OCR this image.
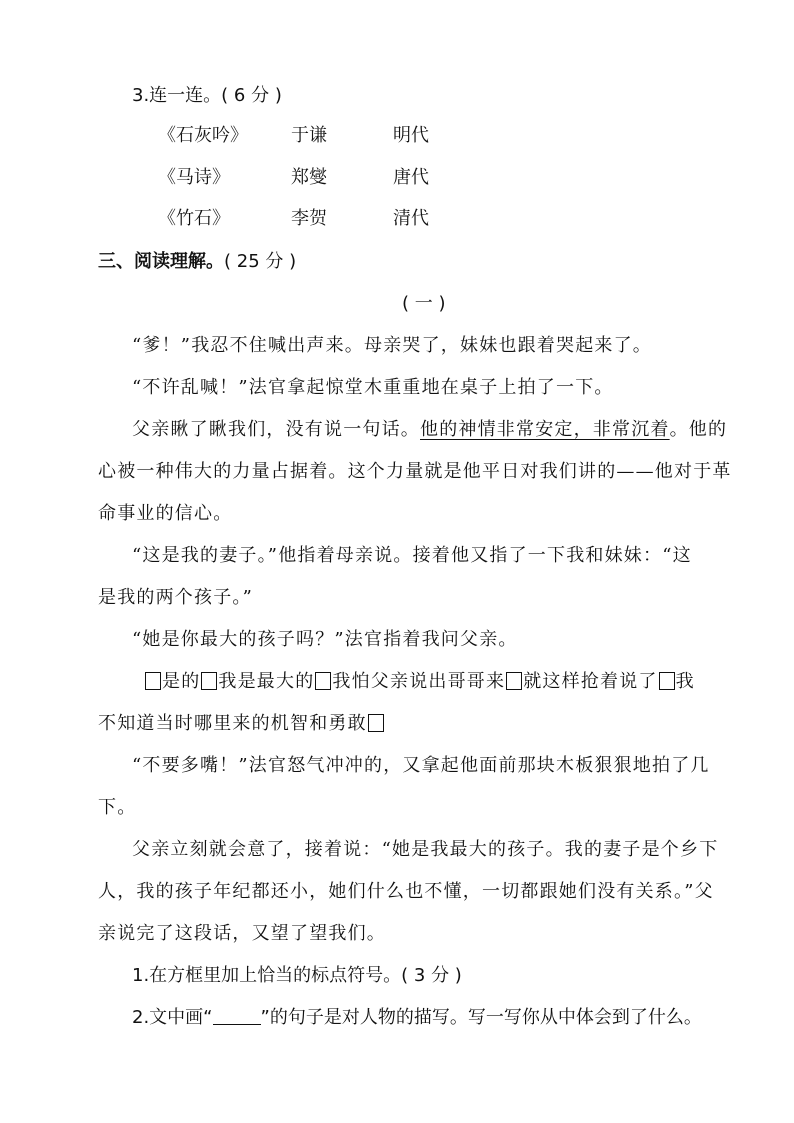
3.连一连。( 6 分 )
《石灰吟》 于谦	明代
《马诗》	郑燮	唐代
《竹石》	李贺	清代
三、阅读理解。( 25 分 )
( 一 )
“爹！”我忍不住喊出声来。母亲哭了，妹妹也跟着哭起来了。
“不许乱喊！”法官拿起惊堂木重重地在桌子上拍了一下。
父亲瞅了瞅我们，没有说一句话。他的神情非常安定，非常沉着。他的
心被一种伟大的力量占据着。这个力量就是他平日对我们讲的——他对于革
命事业的信心。
“这是我的妻子。”他指着母亲说。接着他又指了一下我和妹妹：“这
是我的两个孩子。”
“她是你最大的孩子吗？”法官指着我问父亲。
是的 我是最大的 我怕父亲说出哥哥来 就这样抢着说了 我
不知道当时哪里来的机智和勇敢
“不要多嘴！”法官怒气冲冲的，又拿起他面前那块木板狠狠地拍了几
下。
父亲立刻就会意了，接着说：“她是我最大的孩子。我的妻子是个乡下
人，我的孩子年纪都还小，她们什么也不懂，一切都跟她们没有关系。”父
亲说完了这段话，又望了望我们。
1.在方框里加上恰当的标点符号。( 3 分 )
2.文中画“	”的句子是对人物的描写。写一写你从中体会到了什么。
